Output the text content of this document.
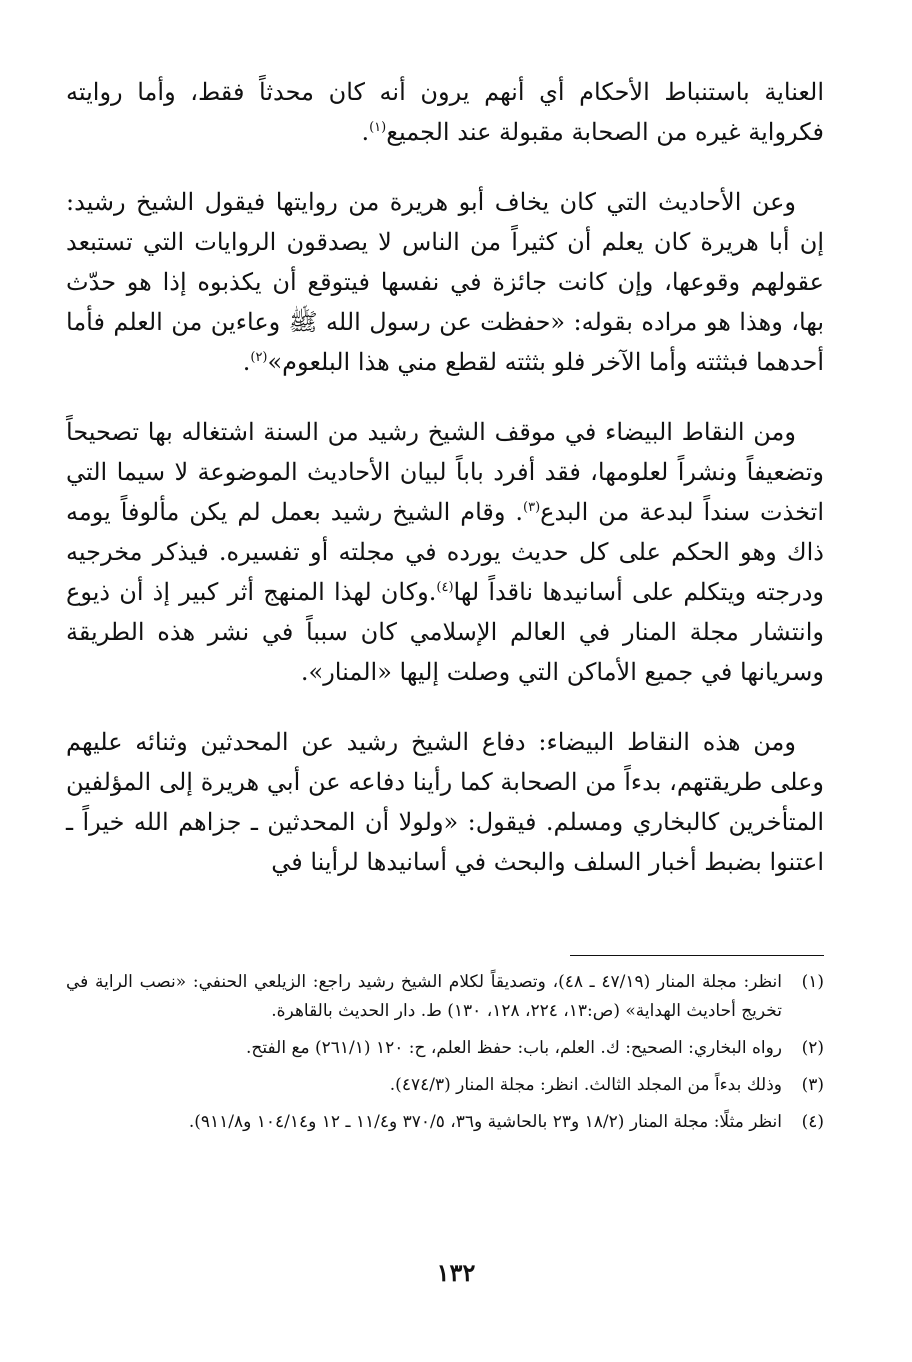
العناية باستنباط الأحكام أي أنهم يرون أنه كان محدثاً فقط، وأما روايته فكرواية غيره من الصحابة مقبولة عند الجميع$^{(١)}$.

وعن الأحاديث التي كان يخاف أبو هريرة من روايتها فيقول الشيخ رشيد: إن أبا هريرة كان يعلم أن كثيراً من الناس لا يصدقون الروايات التي تستبعد عقولهم وقوعها، وإن كانت جائزة في نفسها فيتوقع أن يكذبوه إذا هو حدّث بها، وهذا هو مراده بقوله: «حفظت عن رسول الله ﷺ وعاءين من العلم فأما أحدهما فبثثته وأما الآخر فلو بثثته لقطع مني هذا البلعوم»$^{(٢)}$.

ومن النقاط البيضاء في موقف الشيخ رشيد من السنة اشتغاله بها تصحيحاً وتضعيفاً ونشراً لعلومها، فقد أفرد باباً لبيان الأحاديث الموضوعة لا سيما التي اتخذت سنداً لبدعة من البدع$^{(٣)}$. وقام الشيخ رشيد بعمل لم يكن مألوفاً يومه ذاك وهو الحكم على كل حديث يورده في مجلته أو تفسيره. فيذكر مخرجيه ودرجته ويتكلم على أسانيدها ناقداً لها$^{(٤)}$.وكان لهذا المنهج أثر كبير إذ أن ذيوع وانتشار مجلة المنار في العالم الإسلامي كان سبباً في نشر هذه الطريقة وسريانها في جميع الأماكن التي وصلت إليها «المنار».

ومن هذه النقاط البيضاء: دفاع الشيخ رشيد عن المحدثين وثنائه عليهم وعلى طريقتهم، بدءاً من الصحابة كما رأينا دفاعه عن أبي هريرة إلى المؤلفين المتأخرين كالبخاري ومسلم. فيقول: «ولولا أن المحدثين ـ جزاهم الله خيراً ـ اعتنوا بضبط أخبار السلف والبحث في أسانيدها لرأينا في

(١)
انظر: مجلة المنار (٤٧/١٩ ـ ٤٨)، وتصديقاً لكلام الشيخ رشيد راجع: الزيلعي الحنفي: «نصب الراية في تخريج أحاديث الهداية» (ص:١٣، ٢٢٤، ١٢٨، ١٣٠) ط. دار الحديث بالقاهرة.
(٢)
رواه البخاري: الصحيح: ك. العلم، باب: حفظ العلم، ح: ١٢٠ (٢٦١/١) مع الفتح.
(٣)
وذلك بدءاً من المجلد الثالث. انظر: مجلة المنار (٤٧٤/٣).
(٤)
انظر مثلًا: مجلة المنار (١٨/٢ و٢٣ بالحاشية و٣٦، ٣٧٠/٥ و١١/٤ ـ ١٢ و١٠٤/١٤ و٩١١/٨).
١٣٢
